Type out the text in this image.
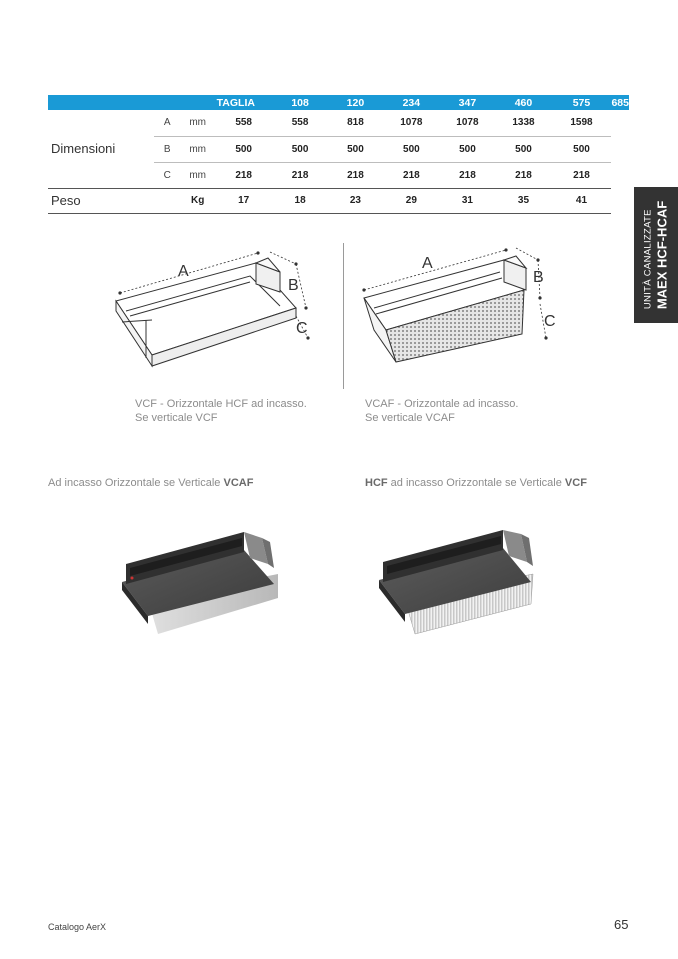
			TAGLIA	108	120	234	347	460	575	685
Dimensioni	A	mm	558	558	818	1078	1078	1338	1598	
	B	mm	500	500	500	500	500	500	500	
	C	mm	218	218	218	218	218	218	218	
Peso		Kg	17	18	23	29	31	35	41	
UNITÀ CANALIZZATE MAEX HCF-HCAF
A
B
C
A
B
C
VCF - Orizzontale HCF ad incasso.
Se verticale VCF
VCAF - Orizzontale ad incasso.
Se verticale VCAF
Ad incasso Orizzontale se Verticale VCAF	HCF ad incasso Orizzontale se Verticale VCF
Catalogo AerX	65
